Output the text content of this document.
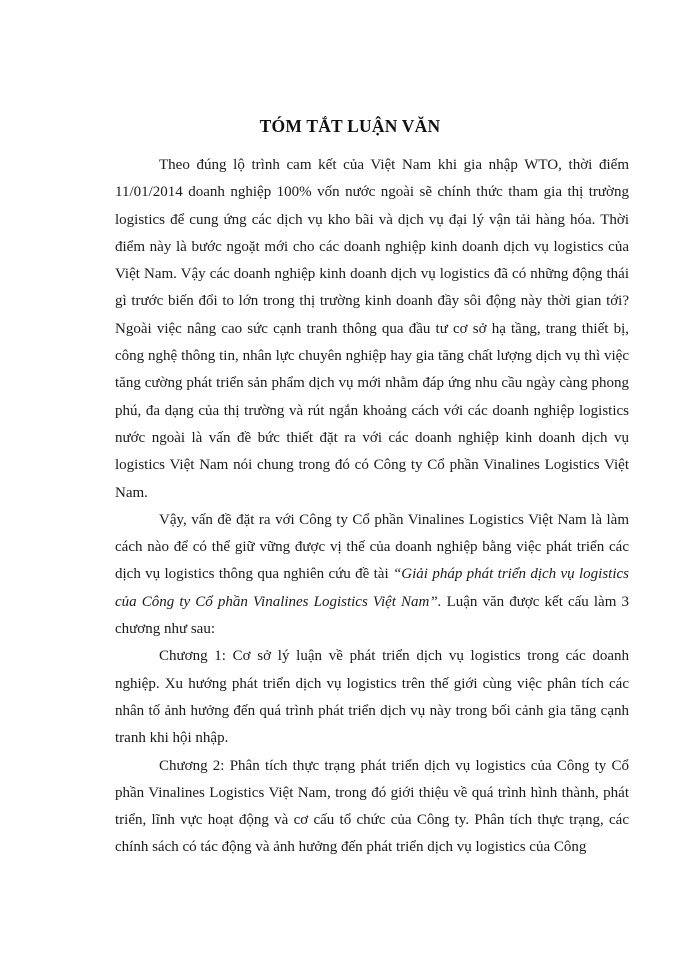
TÓM TẮT LUẬN VĂN

Theo đúng lộ trình cam kết của Việt Nam khi gia nhập WTO, thời điểm 11/01/2014 doanh nghiệp 100% vốn nước ngoài sẽ chính thức tham gia thị trường logistics để cung ứng các dịch vụ kho bãi và dịch vụ đại lý vận tải hàng hóa. Thời điểm này là bước ngoặt mới cho các doanh nghiệp kinh doanh dịch vụ logistics của Việt Nam. Vậy các doanh nghiệp kinh doanh dịch vụ logistics đã có những động thái gì trước biến đổi to lớn trong thị trường kinh doanh đầy sôi động này thời gian tới? Ngoài việc nâng cao sức cạnh tranh thông qua đầu tư cơ sở hạ tầng, trang thiết bị, công nghệ thông tin, nhân lực chuyên nghiệp hay gia tăng chất lượng dịch vụ thì việc tăng cường phát triển sản phẩm dịch vụ mới nhằm đáp ứng nhu cầu ngày càng phong phú, đa dạng của thị trường và rút ngắn khoảng cách với các doanh nghiệp logistics nước ngoài là vấn đề bức thiết đặt ra với các doanh nghiệp kinh doanh dịch vụ logistics Việt Nam nói chung trong đó có Công ty Cổ phần Vinalines Logistics Việt Nam.

Vậy, vấn đề đặt ra với Công ty Cổ phần Vinalines Logistics Việt Nam là làm cách nào để có thể giữ vững được vị thế của doanh nghiệp bằng việc phát triển các dịch vụ logistics thông qua nghiên cứu đề tài “Giải pháp phát triển dịch vụ logistics của Công ty Cổ phần Vinalines Logistics Việt Nam”. Luận văn được kết cấu làm 3 chương như sau:

Chương 1: Cơ sở lý luận về phát triển dịch vụ logistics trong các doanh nghiệp. Xu hướng phát triển dịch vụ logistics trên thế giới cùng việc phân tích các nhân tố ảnh hưởng đến quá trình phát triển dịch vụ này trong bối cảnh gia tăng cạnh tranh khi hội nhập.

Chương 2: Phân tích thực trạng phát triển dịch vụ logistics của Công ty Cổ phần Vinalines Logistics Việt Nam, trong đó giới thiệu về quá trình hình thành, phát triển, lĩnh vực hoạt động và cơ cấu tổ chức của Công ty. Phân tích thực trạng, các chính sách có tác động và ảnh hưởng đến phát triển dịch vụ logistics của Công
